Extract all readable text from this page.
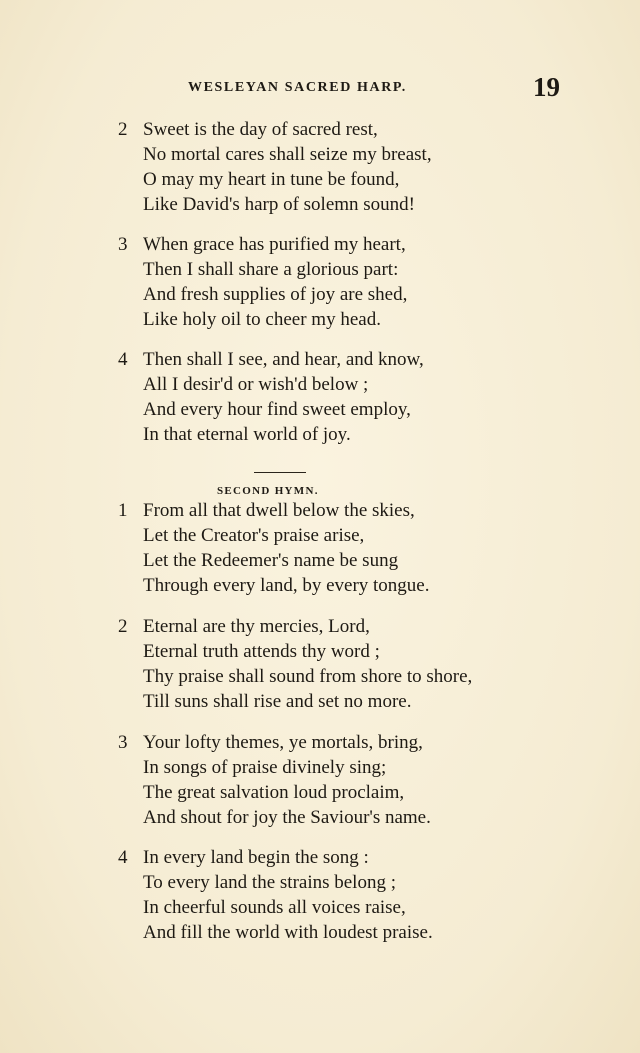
WESLEYAN SACRED HARP.	19
2 Sweet is the day of sacred rest,
No mortal cares shall seize my breast,
O may my heart in tune be found,
Like David's harp of solemn sound!
3 When grace has purified my heart,
Then I shall share a glorious part:
And fresh supplies of joy are shed,
Like holy oil to cheer my head.
4 Then shall I see, and hear, and know,
All I desir'd or wish'd below ;
And every hour find sweet employ,
In that eternal world of joy.
SECOND HYMN.
1 From all that dwell below the skies,
Let the Creator's praise arise,
Let the Redeemer's name be sung
Through every land, by every tongue.
2 Eternal are thy mercies, Lord,
Eternal truth attends thy word ;
Thy praise shall sound from shore to shore,
Till suns shall rise and set no more.
3 Your lofty themes, ye mortals, bring,
In songs of praise divinely sing;
The great salvation loud proclaim,
And shout for joy the Saviour's name.
4 In every land begin the song :
To every land the strains belong ;
In cheerful sounds all voices raise,
And fill the world with loudest praise.
